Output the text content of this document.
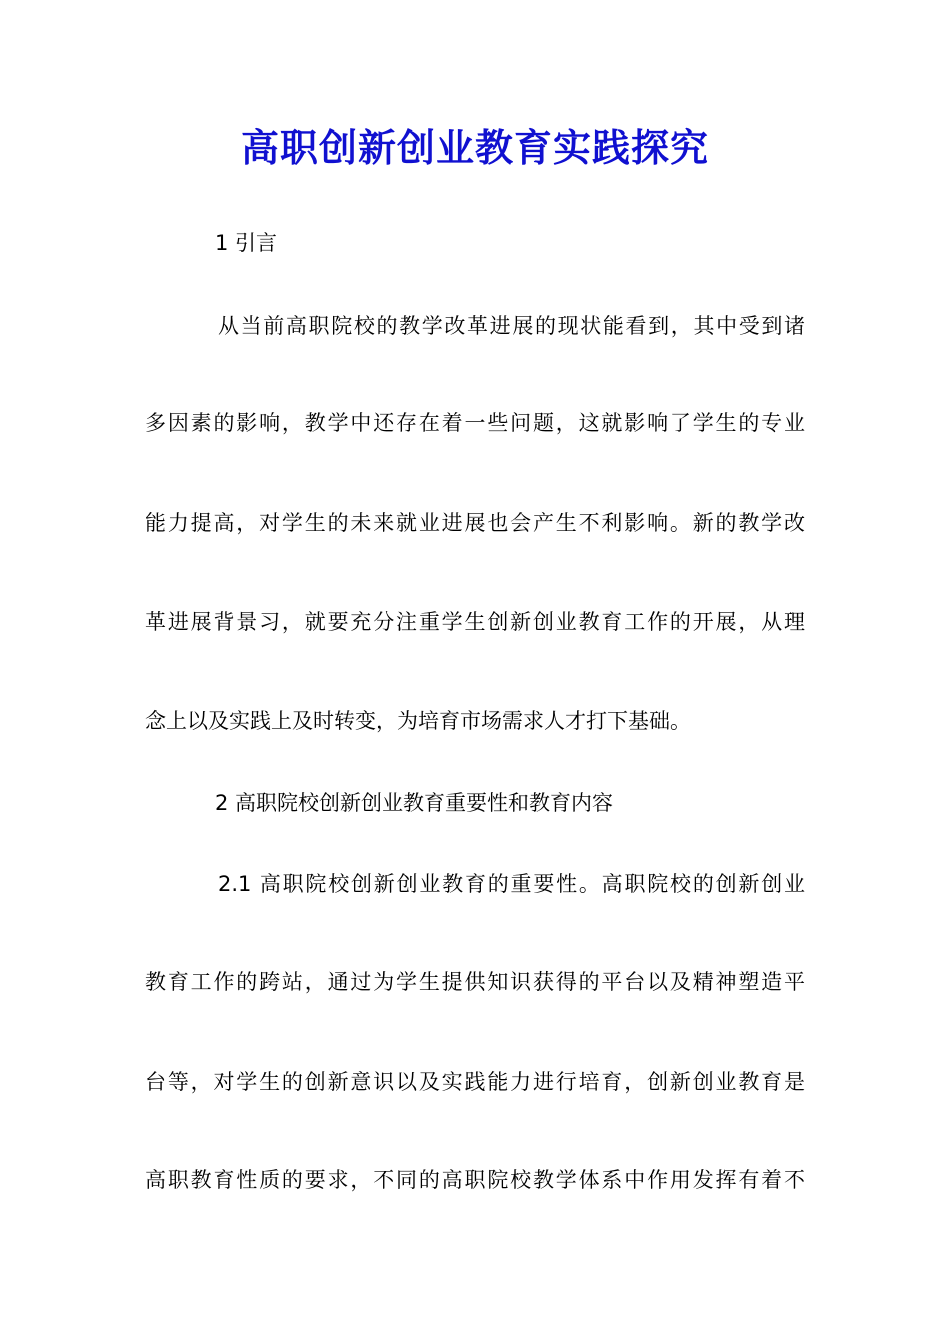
高职创新创业教育实践探究
1 引言
从当前高职院校的教学改革进展的现状能看到，其中受到诸
多因素的影响，教学中还存在着一些问题，这就影响了学生的专业
能力提高，对学生的未来就业进展也会产生不利影响。新的教学改
革进展背景习，就要充分注重学生创新创业教育工作的开展，从理
念上以及实践上及时转变，为培育市场需求人才打下基础。
2 高职院校创新创业教育重要性和教育内容
2.1 高职院校创新创业教育的重要性。高职院校的创新创业
教育工作的跨站，通过为学生提供知识获得的平台以及精神塑造平
台等，对学生的创新意识以及实践能力进行培育，创新创业教育是
高职教育性质的要求，不同的高职院校教学体系中作用发挥有着不
